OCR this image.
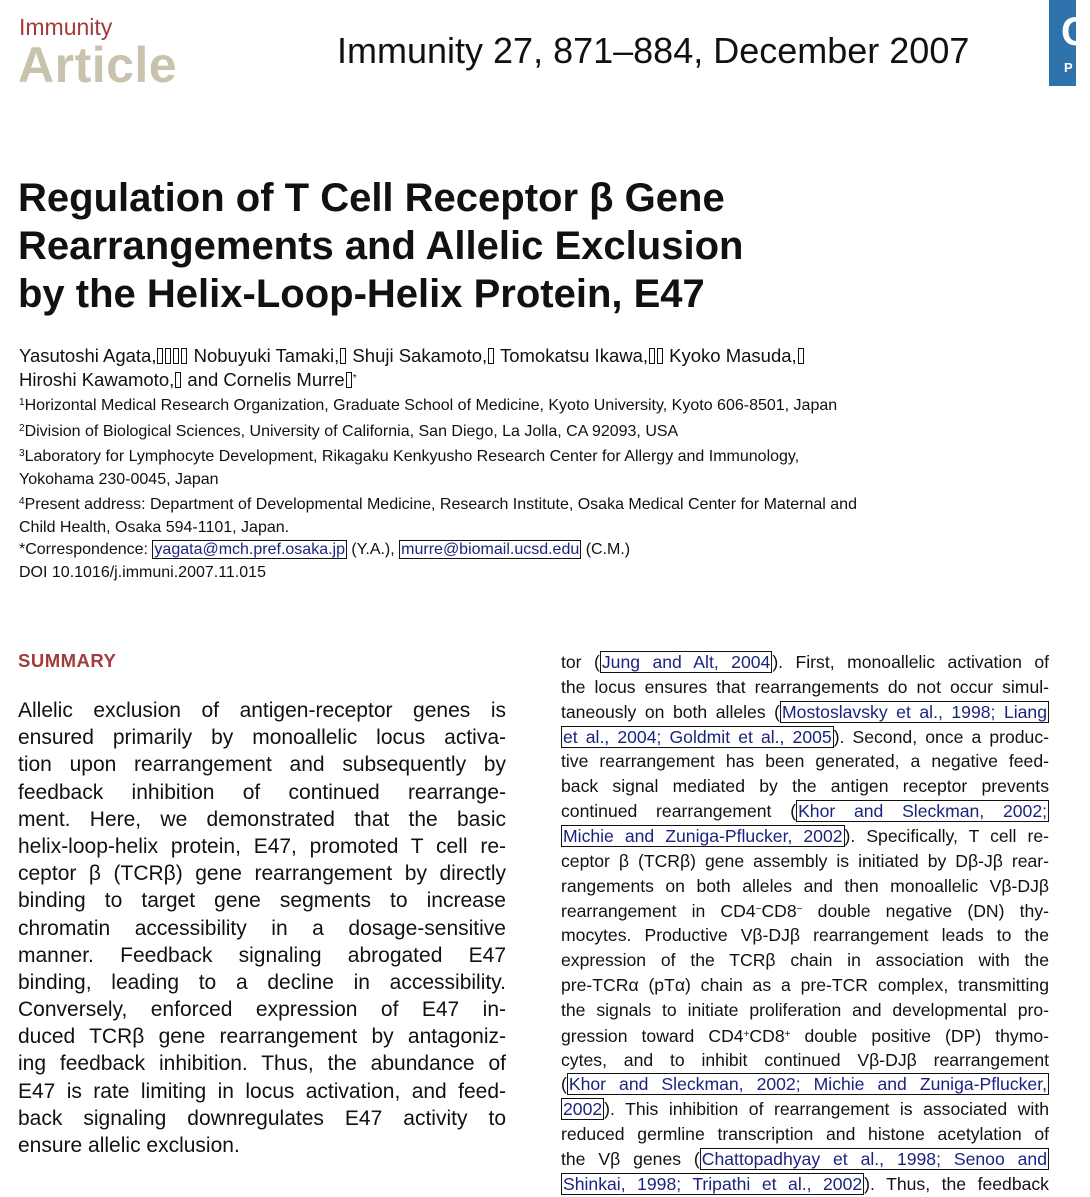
Immunity
Article	Immunity 27, 871–884, December 2007 C
P
Regulation of T Cell Receptor β Gene
Rearrangements and Allelic Exclusion
by the Helix-Loop-Helix Protein, E47
Yasutoshi Agata, Nobuyuki Tamaki, Shuji Sakamoto, Tomokatsu Ikawa, Kyoko Masuda,
Hiroshi Kawamoto, and Cornelis Murre *
$^1$Horizontal Medical Research Organization, Graduate School of Medicine, Kyoto University, Kyoto 606-8501, Japan
$^2$Division of Biological Sciences, University of California, San Diego, La Jolla, CA 92093, USA
$^3$Laboratory for Lymphocyte Development, Rikagaku Kenkyusho Research Center for Allergy and Immunology,
Yokohama 230-0045, Japan
$^4$Present address: Department of Developmental Medicine, Research Institute, Osaka Medical Center for Maternal and
Child Health, Osaka 594-1101, Japan.
*Correspondence: yagata@mch.pref.osaka.jp (Y.A.), murre@biomail.ucsd.edu (C.M.)
DOI 10.1016/j.immuni.2007.11.015
SUMMARY
Allelic exclusion of antigen-receptor genes is
ensured primarily by monoallelic locus activa-
tion upon rearrangement and subsequently by
feedback inhibition of continued rearrange-
ment. Here, we demonstrated that the basic
helix-loop-helix protein, E47, promoted T cell re-
ceptor β (TCRβ) gene rearrangement by directly
binding to target gene segments to increase
chromatin accessibility in a dosage-sensitive
manner. Feedback signaling abrogated E47
binding, leading to a decline in accessibility.
Conversely, enforced expression of E47 in-
duced TCRβ gene rearrangement by antagoniz-
ing feedback inhibition. Thus, the abundance of
E47 is rate limiting in locus activation, and feed-
back signaling downregulates E47 activity to
ensure allelic exclusion.
tor ( Jung and Alt, 2004 ). First, monoallelic activation of
the locus ensures that rearrangements do not occur simul-
taneously on both alleles ( Mostoslavsky et al., 1998; Liang
et al., 2004; Goldmit et al., 2005 ). Second, once a produc-
tive rearrangement has been generated, a negative feed-
back signal mediated by the antigen receptor prevents
continued rearrangement ( Khor and Sleckman, 2002;
Michie and Zuniga-Pflucker, 2002 ). Specifically, T cell re-
ceptor β (TCRβ) gene assembly is initiated by Dβ-Jβ rear-
rangements on both alleles and then monoallelic Vβ-DJβ
rearrangement in CD4−CD8− double negative (DN) thy-
mocytes. Productive Vβ-DJβ rearrangement leads to the
expression of the TCRβ chain in association with the
pre-TCRα (pTα) chain as a pre-TCR complex, transmitting
the signals to initiate proliferation and developmental pro-
gression toward CD4+CD8+ double positive (DP) thymo-
cytes, and to inhibit continued Vβ-DJβ rearrangement
( Khor and Sleckman, 2002; Michie and Zuniga-Pflucker,
2002 ). This inhibition of rearrangement is associated with
reduced germline transcription and histone acetylation of
the Vβ genes ( Chattopadhyay et al., 1998; Senoo and
Shinkai, 1998; Tripathi et al., 2002 ). Thus, the feedback
